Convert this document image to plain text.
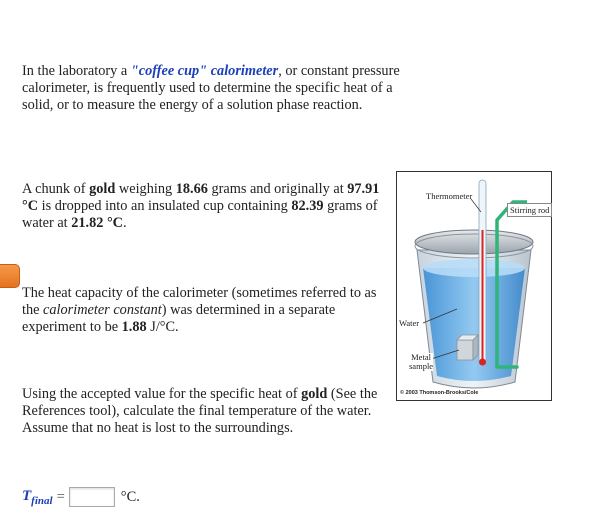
In the laboratory a "coffee cup" calorimeter, or constant pressure calorimeter, is frequently used to determine the specific heat of a solid, or to measure the energy of a solution phase reaction.
A chunk of gold weighing 18.66 grams and originally at 97.91 °C is dropped into an insulated cup containing 82.39 grams of water at 21.82 °C.
The heat capacity of the calorimeter (sometimes referred to as the calorimeter constant) was determined in a separate experiment to be 1.88 J/°C.
Using the accepted value for the specific heat of gold (See the References tool), calculate the final temperature of the water. Assume that no heat is lost to the surroundings.
$T_{final}$ =	°C.
Thermometer
Stirring rod
Water
Metal
sample
© 2003 Thomson-Brooks/Cole
